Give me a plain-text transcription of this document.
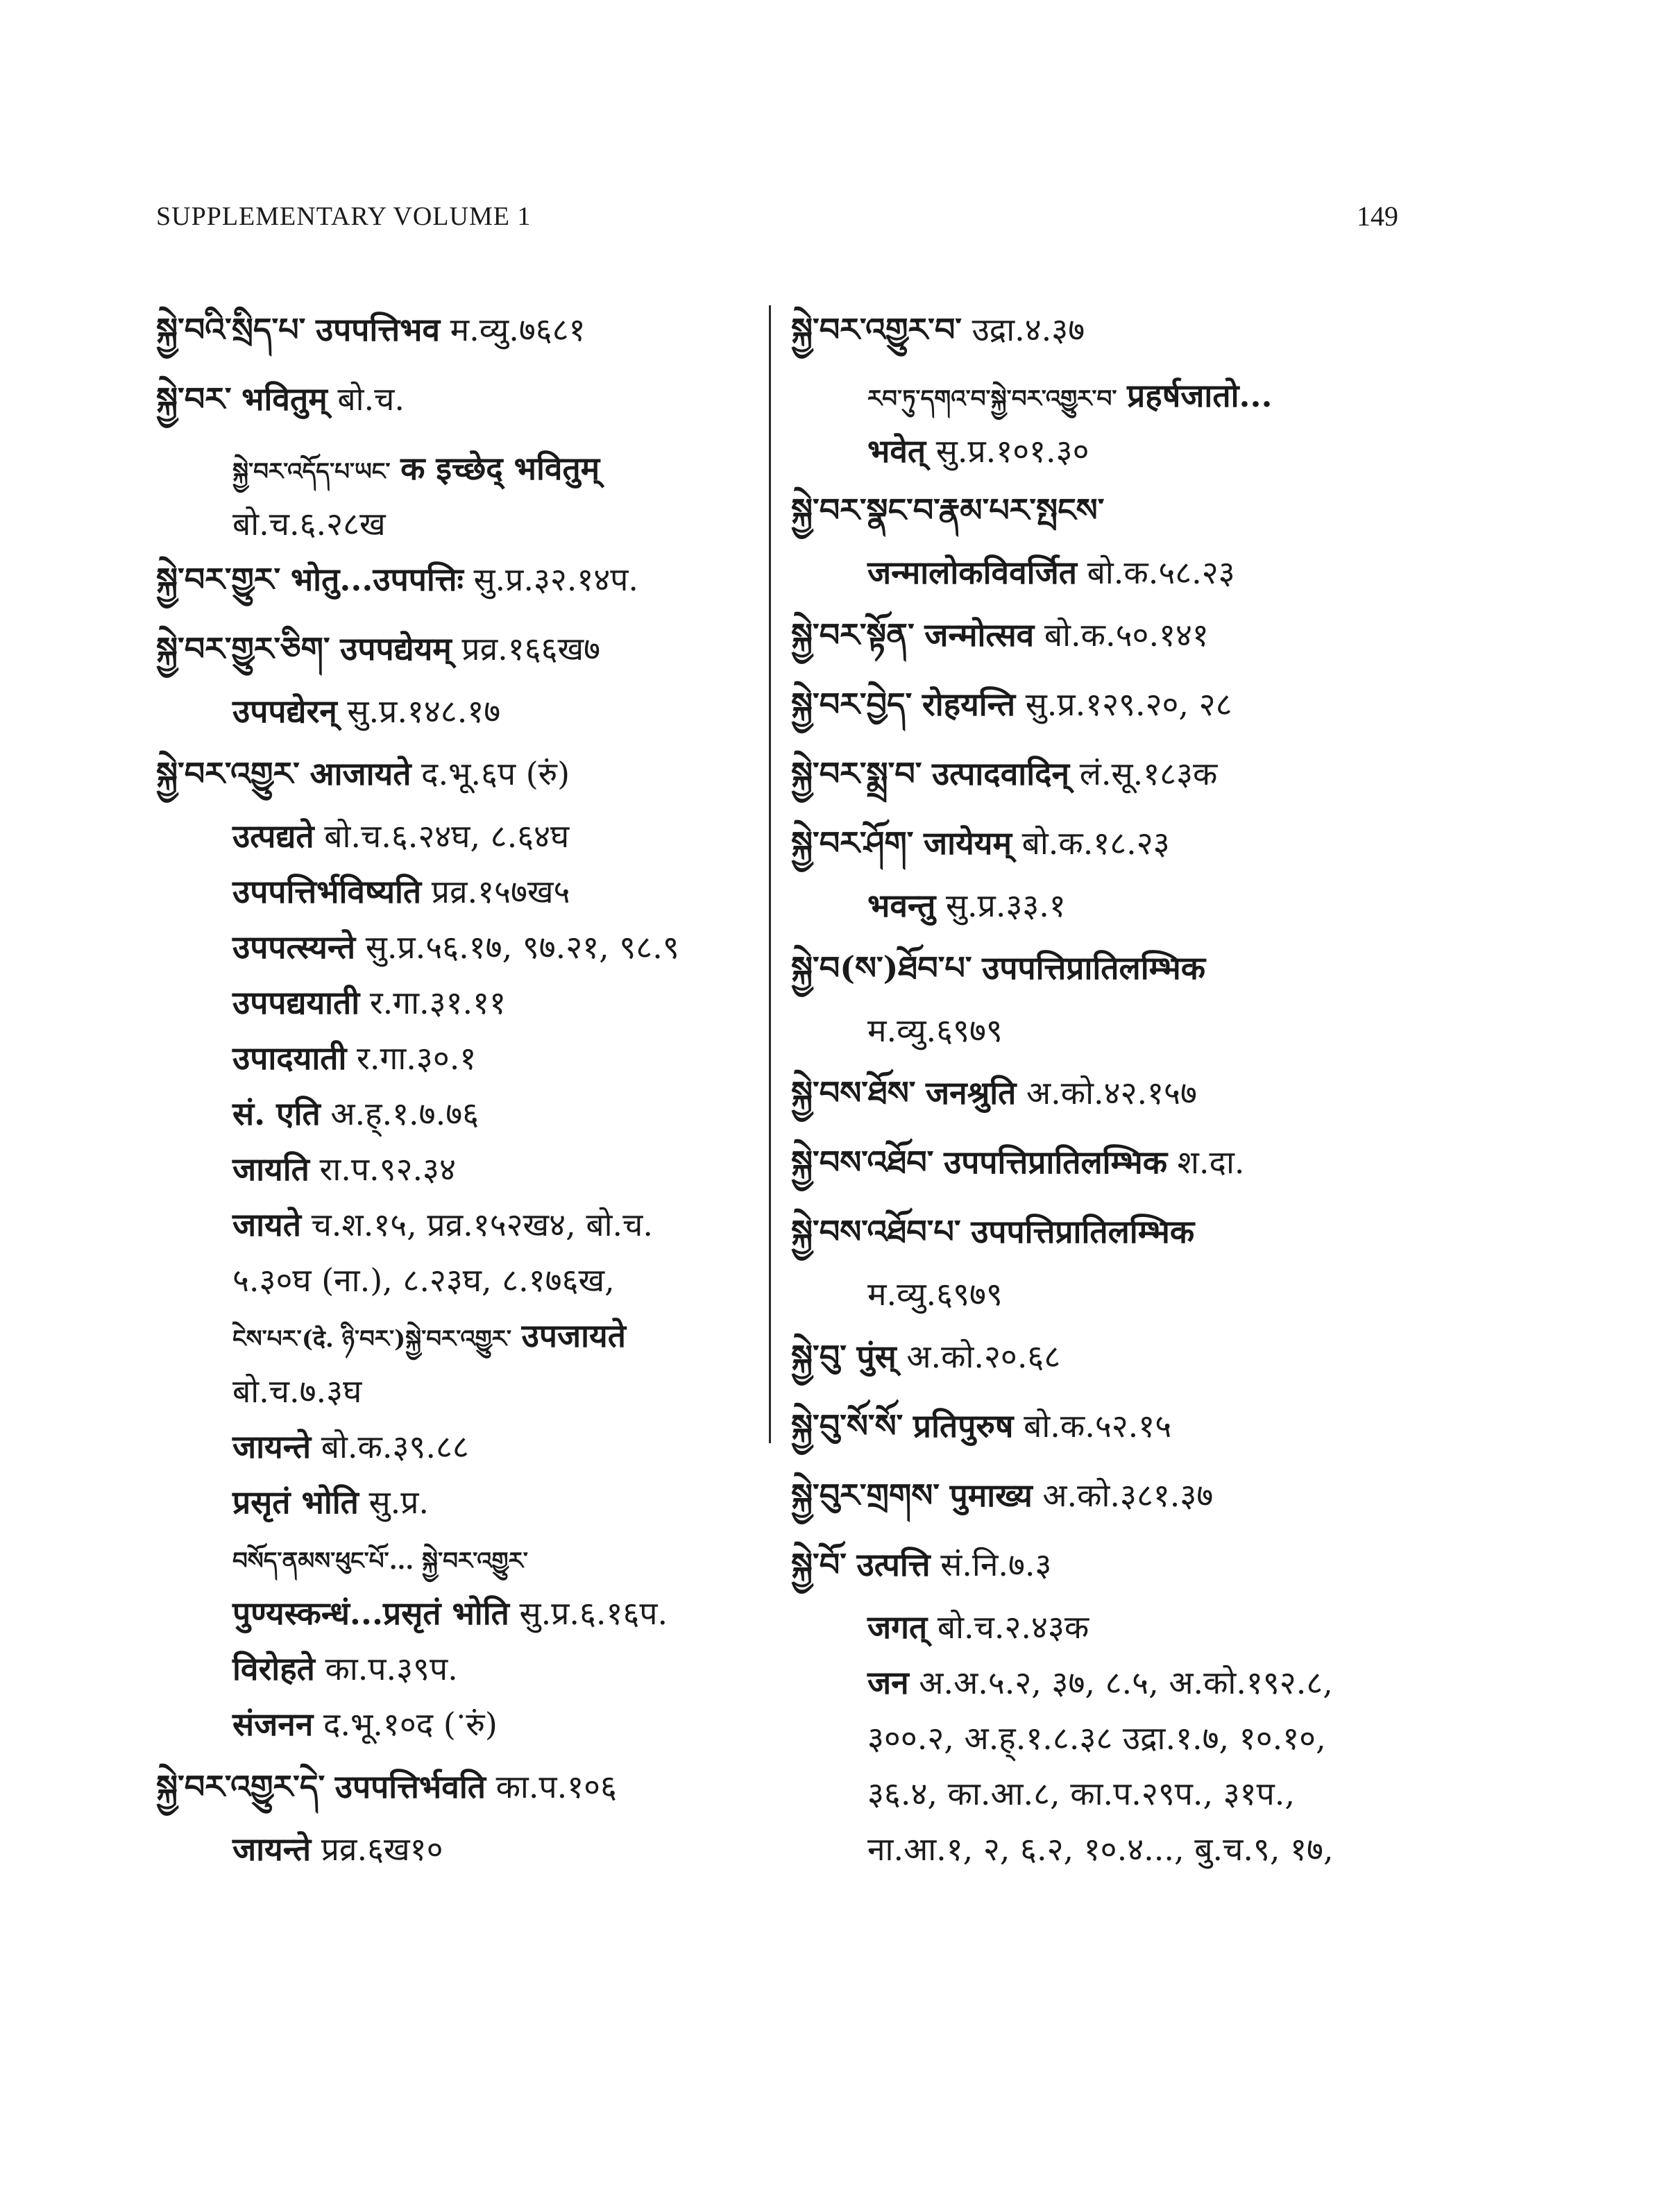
SUPPLEMENTARY VOLUME 1	149
སྐྱེ་བའི་སྲིད་པ་ उपपत्तिभव म.व्यु.७६८१
སྐྱེ་བར་ भवितुम् बो.च.
སྐྱེ་བར་འདོད་པ་ཡང་ क इच्छेद् भवितुम्
बो.च.६.२८ख
སྐྱེ་བར་གྱུར་ भोतु...उपपत्तिः सु.प्र.३२.१४प.
སྐྱེ་བར་གྱུར་ཅིག་ उपपद्येयम् प्रव्र.१६६ख७
उपपद्येरन् सु.प्र.१४८.१७
སྐྱེ་བར་འགྱུར་ आजायते द.भू.६प (रुं)
उत्पद्यते बो.च.६.२४घ, ८.६४घ
उपपत्तिर्भविष्यति प्रव्र.१५७ख५
उपपत्स्यन्ते सु.प्र.५६.१७, ९७.२१, ९८.९
उपपद्ययाती र.गा.३१.११
उपादयाती र.गा.३०.१
सं. एति अ.ह्.१.७.७६
जायति रा.प.९२.३४
जायते च.श.१५, प्रव्र.१५२ख४, बो.च.
५.३०घ (ना.), ८.२३घ, ८.१७६ख,
ངེས་པར་(दे. ཉི་བར་)སྐྱེ་བར་འགྱུར་ उपजायते
बो.च.७.३घ
जायन्ते बो.क.३९.८८
प्रसृतं भोति सु.प्र.
བསོད་ནམས་ཕུང་པོ་... སྐྱེ་བར་འགྱུར་
पुण्यस्कन्धं...प्रसृतं भोति सु.प्र.६.१६प.
विरोहते का.प.३९प.
संजनन द.भू.१०द (ॱरुं)
སྐྱེ་བར་འགྱུར་དེ་ उपपत्तिर्भवति का.प.१०६
जायन्ते प्रव्र.६ख१०
སྐྱེ་བར་འགྱུར་བ་ उद्रा.४.३७
རབ་ཏུ་དགའ་བ་སྐྱེ་བར་འགྱུར་བ་ प्रहर्षजातो...
भवेत् सु.प्र.१०१.३०
སྐྱེ་བར་སྣང་བ་རྣམ་པར་སྤངས་
जन्मालोकविवर्जित बो.क.५८.२३
སྐྱེ་བར་སྟོན་ जन्मोत्सव बो.क.५०.१४१
སྐྱེ་བར་བྱེད་ रोहयन्ति सु.प्र.१२९.२०, २८
སྐྱེ་བར་སྨྲ་བ་ उत्पादवादिन् लं.सू.१८३क
སྐྱེ་བར་ཤོག་ जायेयम् बो.क.१८.२३
भवन्तु सु.प्र.३३.१
སྐྱེ་བ(ས་)ཐོབ་པ་ उपपत्तिप्रातिलम्भिक
म.व्यु.६९७९
སྐྱེ་བས་ཐོས་ जनश्रुति अ.को.४२.१५७
སྐྱེ་བས་འཐོབ་ उपपत्तिप्रातिलम्भिक श.दा.
སྐྱེ་བས་འཐོབ་པ་ उपपत्तिप्रातिलम्भिक
म.व्यु.६९७९
སྐྱེ་བུ་ पुंस् अ.को.२०.६८
སྐྱེ་བུ་སོ་སོ་ प्रतिपुरुष बो.क.५२.१५
སྐྱེ་བུར་གྲགས་ पुमाख्य अ.को.३८१.३७
སྐྱེ་བོ་ उत्पत्ति सं.नि.७.३
जगत् बो.च.२.४३क
जन अ.अ.५.२, ३७, ८.५, अ.को.१९२.८,
३००.२, अ.ह्.१.८.३८ उद्रा.१.७, १०.१०,
३६.४, का.आ.८, का.प.२९प., ३१प.,
ना.आ.१, २, ६.२, १०.४..., बु.च.९, १७,
